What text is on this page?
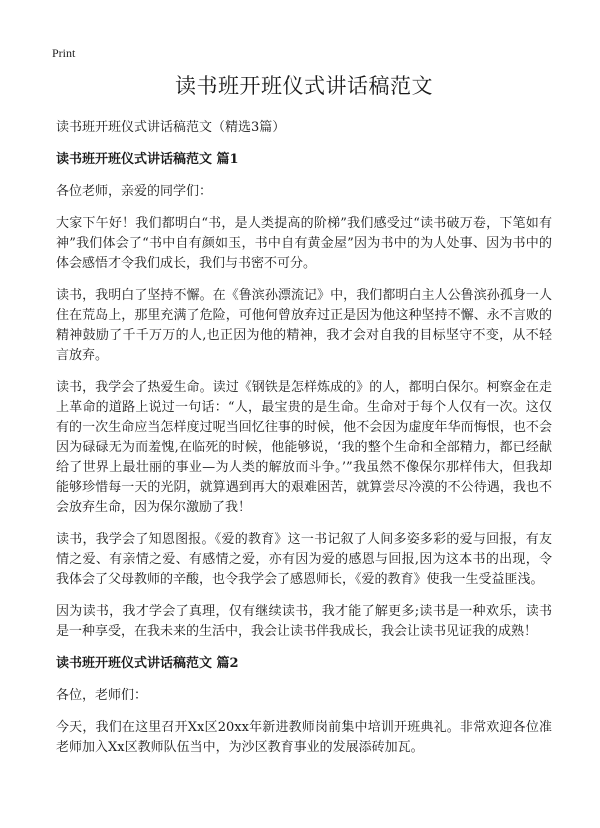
Print
读书班开班仪式讲话稿范文
读书班开班仪式讲话稿范文（精选3篇）
读书班开班仪式讲话稿范文 篇1
各位老师，亲爱的同学们：
大家下午好！我们都明白“书，是人类提高的阶梯”我们感受过“读书破万卷，下笔如有神”我们体会了“书中自有颜如玉，书中自有黄金屋”因为书中的为人处事、因为书中的体会感悟才令我们成长，我们与书密不可分。
读书，我明白了坚持不懈。在《鲁滨孙漂流记》中，我们都明白主人公鲁滨孙孤身一人住在荒岛上，那里充满了危险，可他何曾放弃过正是因为他这种坚持不懈、永不言败的精神鼓励了千千万万的人,也正因为他的精神，我才会对自我的目标坚守不变，从不轻言放弃。
读书，我学会了热爱生命。读过《钢铁是怎样炼成的》的人，都明白保尔。柯察金在走上革命的道路上说过一句话：“人，最宝贵的是生命。生命对于每个人仅有一次。这仅有的一次生命应当怎样度过呢当回忆往事的时候，他不会因为虚度年华而悔恨，也不会因为碌碌无为而羞愧,在临死的时候，他能够说，‘我的整个生命和全部精力，都已经献给了世界上最壮丽的事业—为人类的解放而斗争。’”我虽然不像保尔那样伟大，但我却能够珍惜每一天的光阴，就算遇到再大的艰难困苦，就算尝尽冷漠的不公待遇，我也不会放弃生命，因为保尔激励了我！
读书，我学会了知恩图报。《爱的教育》这一书记叙了人间多姿多彩的爱与回报，有友情之爱、有亲情之爱、有感情之爱，亦有因为爱的感恩与回报,因为这本书的出现，令我体会了父母教师的辛酸，也令我学会了感恩师长，《爱的教育》使我一生受益匪浅。
因为读书，我才学会了真理，仅有继续读书，我才能了解更多;读书是一种欢乐，读书是一种享受，在我未来的生活中，我会让读书伴我成长，我会让读书见证我的成熟！
读书班开班仪式讲话稿范文 篇2
各位，老师们：
今天，我们在这里召开Xx区20xx年新进教师岗前集中培训开班典礼。非常欢迎各位准老师加入Xx区教师队伍当中，为沙区教育事业的发展添砖加瓦。
